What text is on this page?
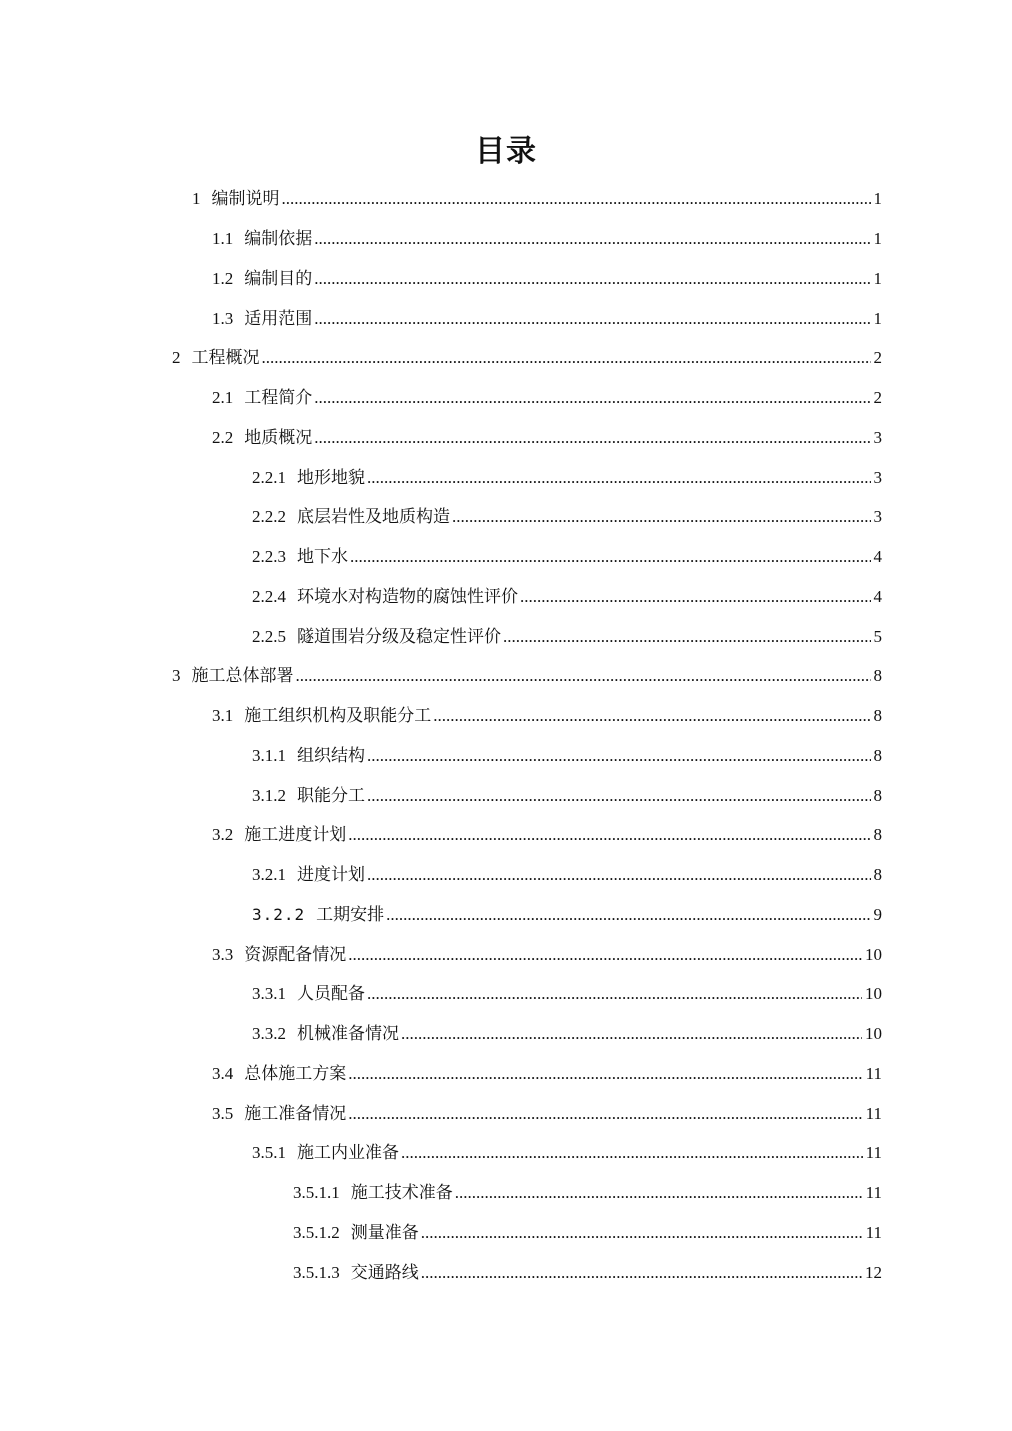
目录
1 编制说明 .....	1
1.1 编制依据 .....	1
1.2 编制目的 .....	1
1.3 适用范围 .....	1
2 工程概况 .....	2
2.1 工程简介 .....	2
2.2 地质概况 .....	3
2.2.1 地形地貌 .....	3
2.2.2 底层岩性及地质构造 .....	3
2.2.3 地下水 .....	4
2.2.4 环境水对构造物的腐蚀性评价 .....	4
2.2.5 隧道围岩分级及稳定性评价 .....	5
3 施工总体部署 .....	8
3.1 施工组织机构及职能分工 .....	8
3.1.1 组织结构 .....	8
3.1.2 职能分工 .....	8
3.2 施工进度计划 .....	8
3.2.1 进度计划 .....	8
3.2.2 工期安排 .....	9
3.3 资源配备情况 .....	10
3.3.1 人员配备 .....	10
3.3.2 机械准备情况 .....	10
3.4 总体施工方案 .....	11
3.5 施工准备情况 .....	11
3.5.1 施工内业准备 .....	11
3.5.1.1 施工技术准备 .....	11
3.5.1.2 测量准备 .....	11
3.5.1.3 交通路线 .....	12
